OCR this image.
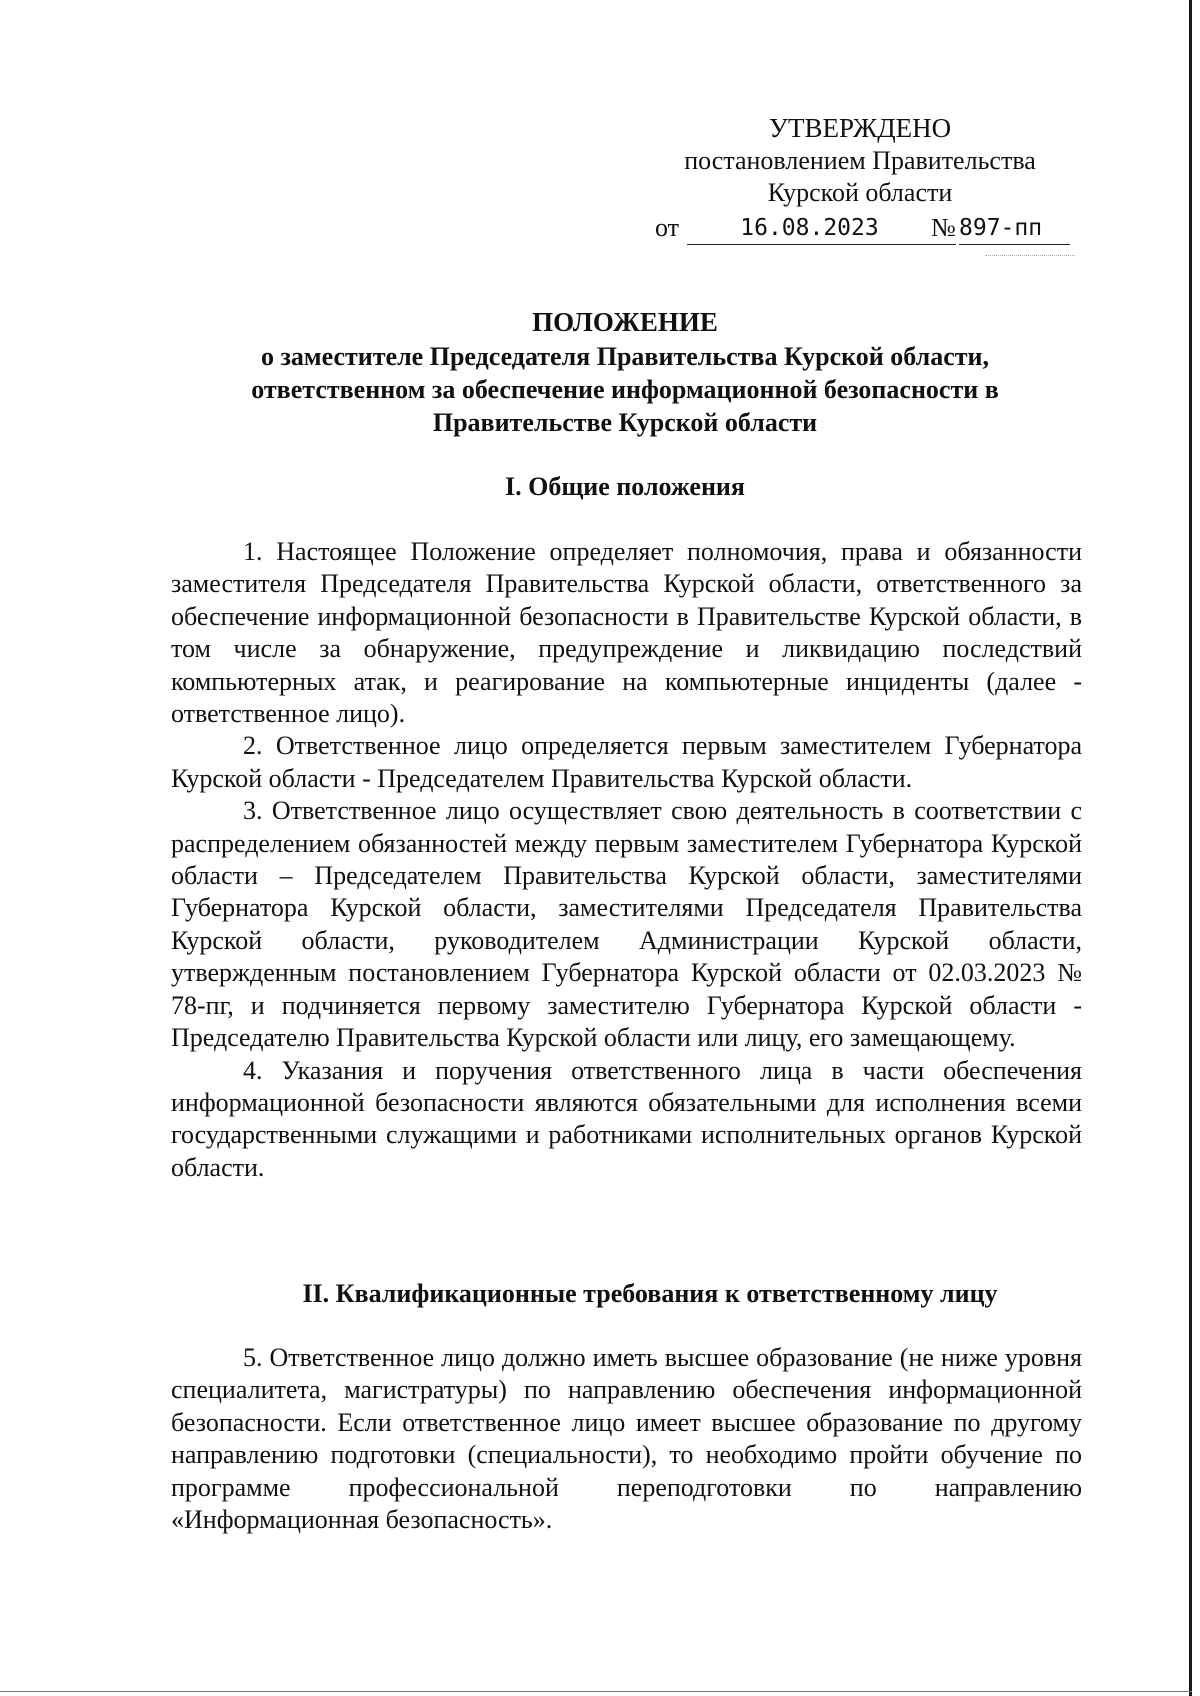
УТВЕРЖДЕНО
постановлением Правительства
Курской области
от	16.08.2023	№ 897-пп
ПОЛОЖЕНИЕ
о заместителе Председателя Правительства Курской области,
ответственном за обеспечение информационной безопасности в
Правительстве Курской области
I. Общие положения

1. Настоящее Положение определяет полномочия, права и обязанности заместителя Председателя Правительства Курской области, ответственного за обеспечение информационной безопасности в Правительстве Курской области, в том числе за обнаружение, предупреждение и ликвидацию последствий компьютерных атак, и реагирование на компьютерные инциденты (далее - ответственное лицо).

2. Ответственное лицо определяется первым заместителем Губернатора Курской области - Председателем Правительства Курской области.

3. Ответственное лицо осуществляет свою деятельность в соответствии с распределением обязанностей между первым заместителем Губернатора Курской области – Председателем Правительства Курской области, заместителями Губернатора Курской области, заместителями Председателя Правительства Курской области, руководителем Администрации Курской области, утвержденным постановлением Губернатора Курской области от 02.03.2023 № 78-пг, и подчиняется первому заместителю Губернатора Курской области - Председателю Правительства Курской области или лицу, его замещающему.

4. Указания и поручения ответственного лица в части обеспечения информационной безопасности являются обязательными для исполнения всеми государственными служащими и работниками исполнительных органов Курской области.

II. Квалификационные требования к ответственному лицу

5. Ответственное лицо должно иметь высшее образование (не ниже уровня специалитета, магистратуры) по направлению обеспечения информационной безопасности. Если ответственное лицо имеет высшее образование по другому направлению подготовки (специальности), то необходимо пройти обучение по программе профессиональной переподготовки по направлению «Информационная безопасность».
